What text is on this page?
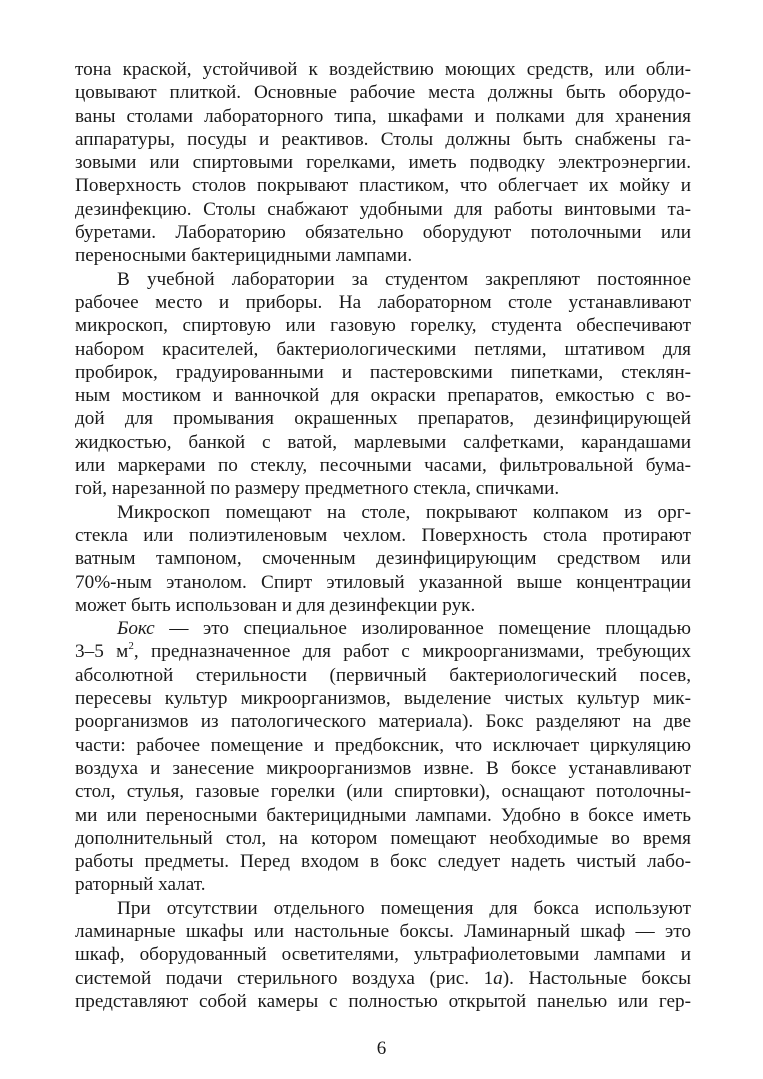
тона краской, устойчивой к воздействию моющих средств, или обли-
цовывают плиткой. Основные рабочие места должны быть оборудо-
ваны столами лабораторного типа, шкафами и полками для хранения
аппаратуры, посуды и реактивов. Столы должны быть снабжены га-
зовыми или спиртовыми горелками, иметь подводку электроэнергии.
Поверхность столов покрывают пластиком, что облегчает их мойку и
дезинфекцию. Столы снабжают удобными для работы винтовыми та-
буретами. Лабораторию обязательно оборудуют потолочными или
переносными бактерицидными лампами.
В учебной лаборатории за студентом закрепляют постоянное
рабочее место и приборы. На лабораторном столе устанавливают
микроскоп, спиртовую или газовую горелку, студента обеспечивают
набором красителей, бактериологическими петлями, штативом для
пробирок, градуированными и пастеровскими пипетками, стеклян-
ным мостиком и ванночкой для окраски препаратов, емкостью с во-
дой для промывания окрашенных препаратов, дезинфицирующей
жидкостью, банкой с ватой, марлевыми салфетками, карандашами
или маркерами по стеклу, песочными часами, фильтровальной бума-
гой, нарезанной по размеру предметного стекла, спичками.
Микроскоп помещают на столе, покрывают колпаком из орг-
стекла или полиэтиленовым чехлом. Поверхность стола протирают
ватным тампоном, смоченным дезинфицирующим средством или
70%-ным этанолом. Спирт этиловый указанной выше концентрации
может быть использован и для дезинфекции рук.
Бокс — это специальное изолированное помещение площадью
3–5 $м^2$, предназначенное для работ с микроорганизмами, требующих
абсолютной стерильности (первичный бактериологический посев,
пересевы культур микроорганизмов, выделение чистых культур мик-
роорганизмов из патологического материала). Бокс разделяют на две
части: рабочее помещение и предбоксник, что исключает циркуляцию
воздуха и занесение микроорганизмов извне. В боксе устанавливают
стол, стулья, газовые горелки (или спиртовки), оснащают потолочны-
ми или переносными бактерицидными лампами. Удобно в боксе иметь
дополнительный стол, на котором помещают необходимые во время
работы предметы. Перед входом в бокс следует надеть чистый лабо-
раторный халат.
При отсутствии отдельного помещения для бокса используют
ламинарные шкафы или настольные боксы. Ламинарный шкаф — это
шкаф, оборудованный осветителями, ультрафиолетовыми лампами и
системой подачи стерильного воздуха (рис. 1а). Настольные боксы
представляют собой камеры с полностью открытой панелью или гер-
6
